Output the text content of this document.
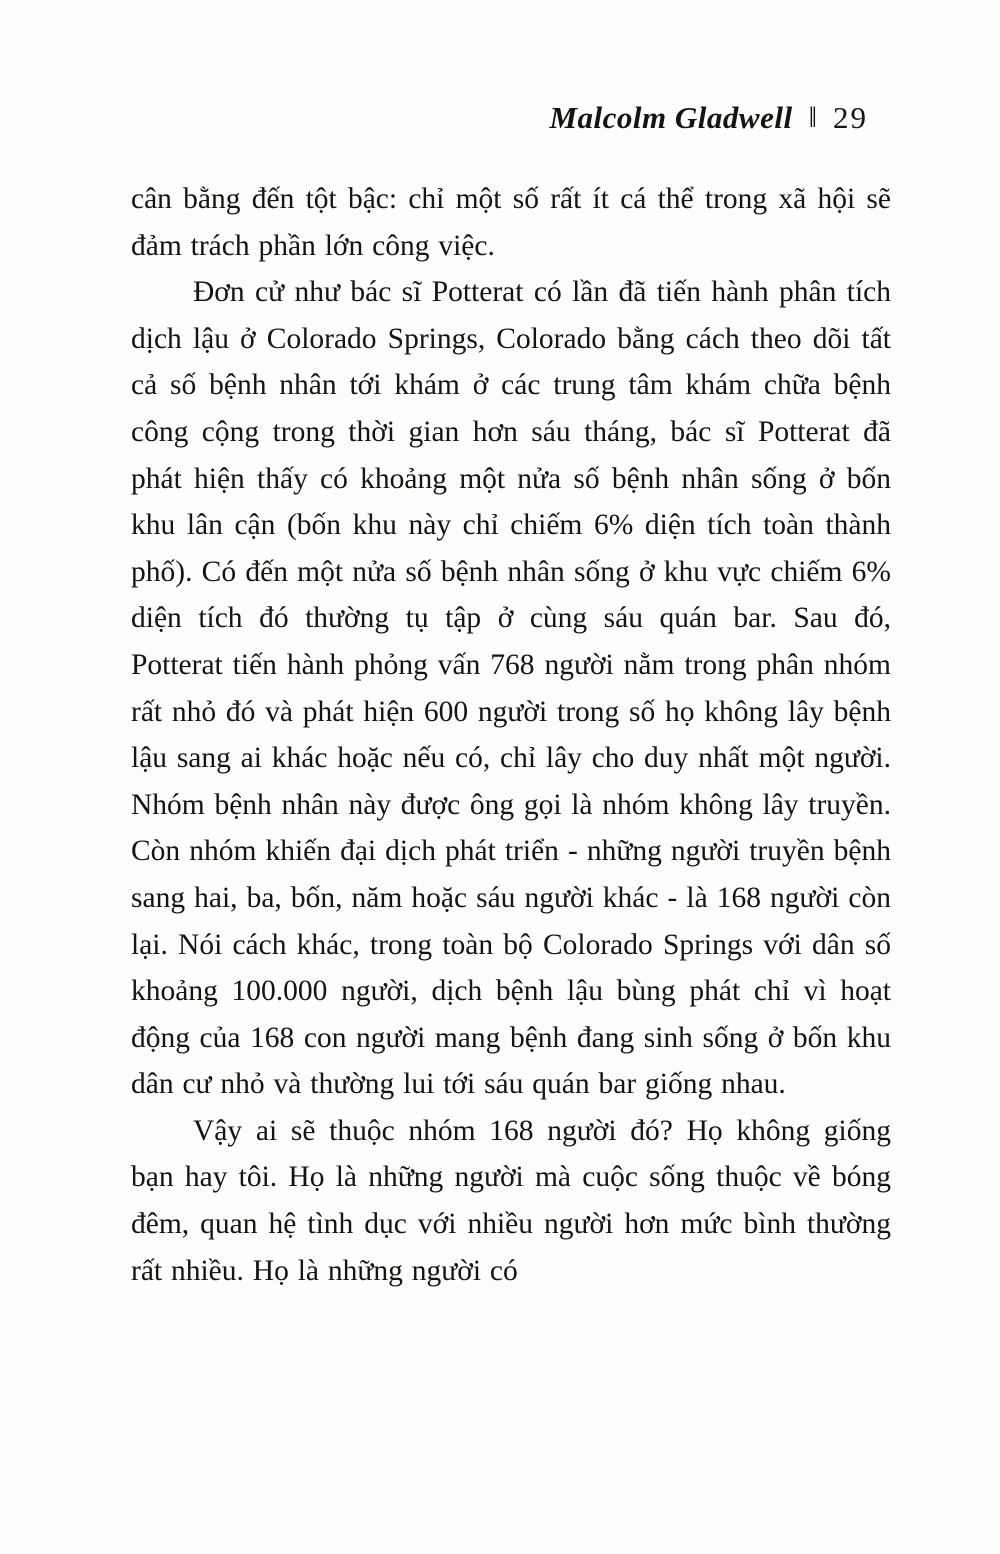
Malcolm Gladwell ‖ 29

cân bằng đến tột bậc: chỉ một số rất ít cá thể trong xã hội sẽ đảm trách phần lớn công việc.

Đơn cử như bác sĩ Potterat có lần đã tiến hành phân tích dịch lậu ở Colorado Springs, Colorado bằng cách theo dõi tất cả số bệnh nhân tới khám ở các trung tâm khám chữa bệnh công cộng trong thời gian hơn sáu tháng, bác sĩ Potterat đã phát hiện thấy có khoảng một nửa số bệnh nhân sống ở bốn khu lân cận (bốn khu này chỉ chiếm 6% diện tích toàn thành phố). Có đến một nửa số bệnh nhân sống ở khu vực chiếm 6% diện tích đó thường tụ tập ở cùng sáu quán bar. Sau đó, Potterat tiến hành phỏng vấn 768 người nằm trong phân nhóm rất nhỏ đó và phát hiện 600 người trong số họ không lây bệnh lậu sang ai khác hoặc nếu có, chỉ lây cho duy nhất một người. Nhóm bệnh nhân này được ông gọi là nhóm không lây truyền. Còn nhóm khiến đại dịch phát triển - những người truyền bệnh sang hai, ba, bốn, năm hoặc sáu người khác - là 168 người còn lại. Nói cách khác, trong toàn bộ Colorado Springs với dân số khoảng 100.000 người, dịch bệnh lậu bùng phát chỉ vì hoạt động của 168 con người mang bệnh đang sinh sống ở bốn khu dân cư nhỏ và thường lui tới sáu quán bar giống nhau.

Vậy ai sẽ thuộc nhóm 168 người đó? Họ không giống bạn hay tôi. Họ là những người mà cuộc sống thuộc về bóng đêm, quan hệ tình dục với nhiều người hơn mức bình thường rất nhiều. Họ là những người có
